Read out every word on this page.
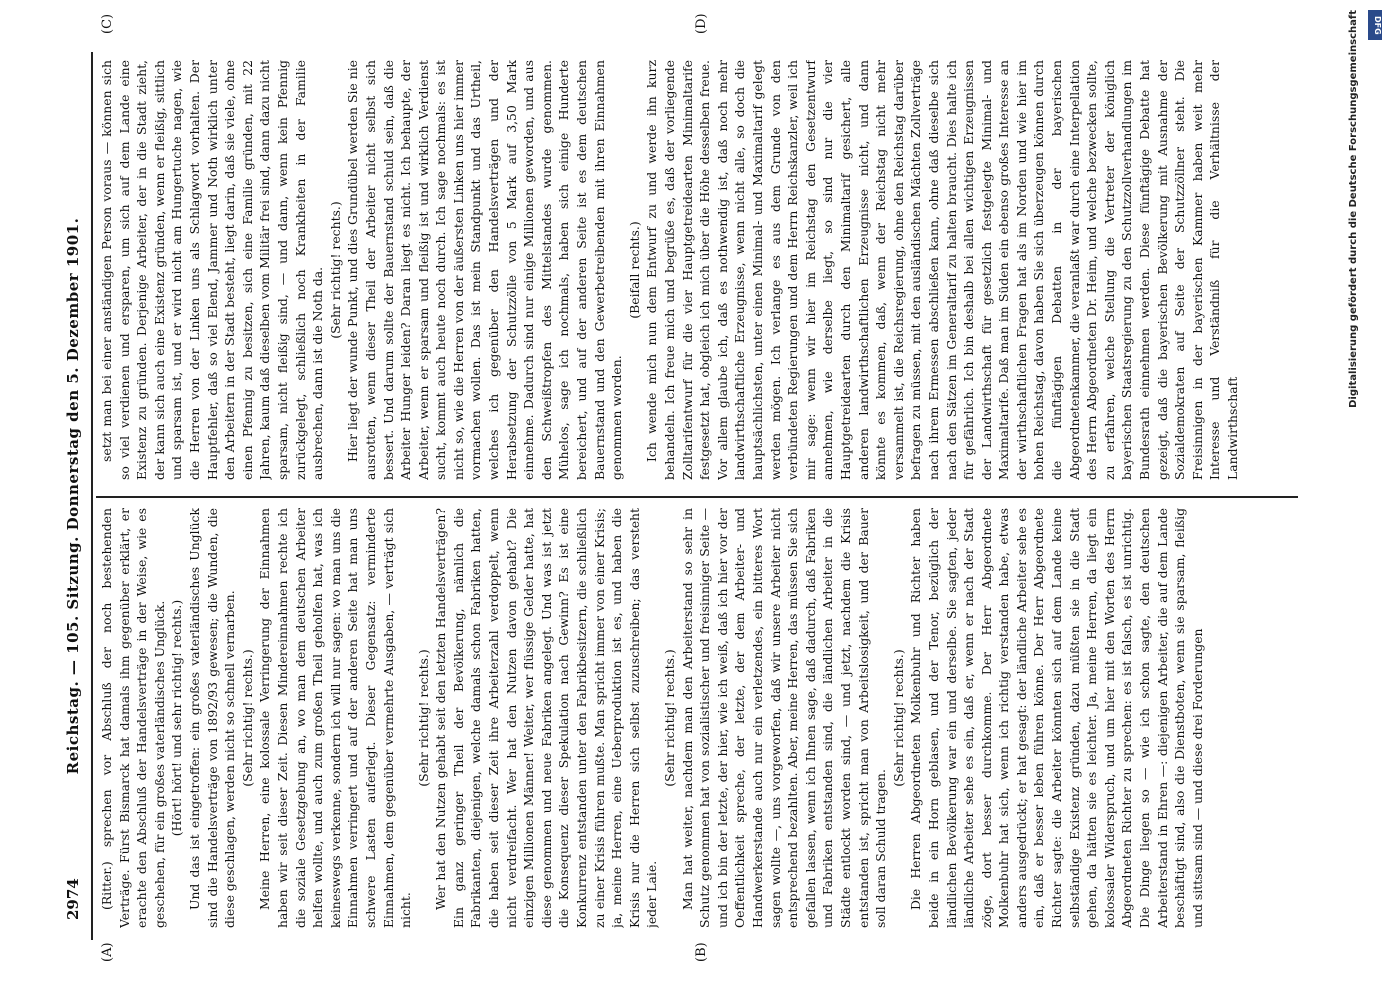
2974
Reichstag. — 105. Sitzung. Donnerstag den 5. Dezember 1901.
(A)	(B)
(C)	(D)

(Ritter.) sprechen vor Abschluß der noch bestehenden Verträge. Fürst Bismarck hat damals ihm gegenüber erklärt, er erachte den Abschluß der Handelsverträge in der Weise, wie es geschehen, für ein großes vaterländisches Unglück. (Hört! hört! und sehr richtig! rechts.) Und das ist eingetroffen: ein großes vaterländisches Unglück sind die Handelsverträge von 1892/93 gewesen; die Wunden, die diese geschlagen, werden nicht so schnell vernarben. (Sehr richtig! rechts.) Meine Herren, eine kolossale Verringerung der Einnahmen haben wir seit dieser Zeit. Diesen Mindereinnahmen rechte ich die soziale Gesetzgebung an, wo man dem deutschen Arbeiter helfen wollte, und auch zum großen Theil geholfen hat, was ich keineswegs verkenne, sondern ich will nur sagen: wo man uns die Einnahmen verringert und auf der anderen Seite hat man uns schwere Lasten auferlegt. Dieser Gegensatz: verminderte Einnahmen, dem gegenüber vermehrte Ausgaben, — verträgt sich nicht.

(Sehr richtig! rechts.) Wer hat den Nutzen gehabt seit den letzten Handelsverträgen? Ein ganz geringer Theil der Bevölkerung, nämlich die Fabrikanten, diejenigen, welche damals schon Fabriken hatten, die haben seit dieser Zeit ihre Arbeiterzahl verdoppelt, wenn nicht verdreifacht. Wer hat den Nutzen davon gehabt? Die einzigen Millionen Männer! Weiter, wer flüssige Gelder hatte, hat diese genommen und neue Fabriken angelegt. Und was ist jetzt die Konsequenz dieser Spekulation nach Gewinn? Es ist eine Konkurrenz entstanden unter den Fabrikbesitzern, die schließlich zu einer Krisis führen mußte. Man spricht immer von einer Krisis; ja, meine Herren, eine Ueberproduktion ist es, und haben die Krisis nur die Herren sich selbst zuzuschreiben; das versteht jeder Laie.

(Sehr richtig! rechts.) Man hat weiter, nachdem man den Arbeiterstand so sehr in Schutz genommen hat von sozialistischer und freisinniger Seite — und ich bin der letzte, der hier, wie ich weiß, daß ich hier vor der Oeffentlichkeit spreche, der letzte, der dem Arbeiter- und Handwerkerstande auch nur ein verletzendes, ein bitteres Wort sagen wollte —, uns vorgeworfen, daß wir unsere Arbeiter nicht entsprechend bezahlten. Aber, meine Herren, das müssen Sie sich gefallen lassen, wenn ich Ihnen sage, daß dadurch, daß Fabriken und Fabriken entstanden sind, die ländlichen Arbeiter in die Städte entlockt worden sind, — und jetzt, nachdem die Krisis entstanden ist, spricht man von Arbeitslosigkeit, und der Bauer soll daran Schuld tragen.

(Sehr richtig! rechts.) Die Herren Abgeordneten Molkenbuhr und Richter haben beide in ein Horn geblasen, und der Tenor, bezüglich der ländlichen Bevölkerung war ein und derselbe. Sie sagten, jeder ländliche Arbeiter sehe es ein, daß er, wenn er nach der Stadt zöge, dort besser durchkomme. Der Herr Abgeordnete Molkenbuhr hat sich, wenn ich richtig verstanden habe, etwas anders ausgedrückt; er hat gesagt: der ländliche Arbeiter sehe es ein, daß er besser leben führen könne. Der Herr Abgeordnete Richter sagte: die Arbeiter könnten sich auf dem Lande keine selbständige Existenz gründen, dazu müßten sie in die Stadt gehen, da hätten sie es leichter. Ja, meine Herren, da liegt ein kolossaler Widerspruch, und um hier mit den Worten des Herrn Abgeordneten Richter zu sprechen: es ist falsch, es ist unrichtig. Die Dinge liegen so — wie ich schon sagte, den deutschen Arbeiterstand in Ehren —: diejenigen Arbeiter, die auf dem Lande beschäftigt sind, also die Dienstboten, wenn sie sparsam, fleißig und sittsam sind — und diese drei Forderungen

setzt man bei einer anständigen Person voraus — können sich so viel verdienen und ersparen, um sich auf dem Lande eine Existenz zu gründen. Derjenige Arbeiter, der in die Stadt zieht, der kann sich auch eine Existenz gründen, wenn er fleißig, sittlich und sparsam ist, und er wird nicht am Hungertuche nagen, wie die Herren von der Linken uns als Schlagwort vorhalten. Der Hauptfehler, daß so viel Elend, Jammer und Noth wirklich unter den Arbeitern in der Stadt besteht, liegt darin, daß sie viele, ohne einen Pfennig zu besitzen, sich eine Familie gründen, mit 22 Jahren, kaum daß dieselben vom Militär frei sind, dann dazu nicht sparsam, nicht fleißig sind, — und dann, wenn kein Pfennig zurückgelegt, schließlich noch Krankheiten in der Familie ausbrechen, dann ist die Noth da. (Sehr richtig! rechts.) Hier liegt der wunde Punkt, und dies Grundübel werden Sie nie ausrotten, wenn dieser Theil der Arbeiter nicht selbst sich bessert. Und darum sollte der Bauernstand schuld sein, daß die Arbeiter Hunger leiden? Daran liegt es nicht. Ich behaupte, der Arbeiter, wenn er sparsam und fleißig ist und wirklich Verdienst sucht, kommt auch heute noch durch. Ich sage nochmals: es ist nicht so, wie die Herren von der äußersten Linken uns hier immer vormachen wollen. Das ist mein Standpunkt und das Urtheil, welches ich gegenüber den Handelsverträgen und der Herabsetzung der Schutzzölle von 5 Mark auf 3,50 Mark einnehme. Dadurch sind nur einige Millionen geworden, und aus den Schweißtropfen des Mittelstandes wurde genommen. Mühelos, sage ich nochmals, haben sich einige Hunderte bereichert, und auf der anderen Seite ist es dem deutschen Bauernstand und den Gewerbetreibenden mit ihren Einnahmen genommen worden.

(Beifall rechts.) Ich wende mich nun dem Entwurf zu und werde ihn kurz behandeln. Ich freue mich und begrüße es, daß der vorliegende Zolltarifentwurf für die vier Hauptgetreidearten Minimaltarife festgesetzt hat, obgleich ich mich über die Höhe desselben freue. Vor allem glaube ich, daß es nothwendig ist, daß noch mehr landwirthschaftliche Erzeugnisse, wenn nicht alle, so doch die hauptsächlichsten, unter einen Minimal- und Maximaltarif gelegt werden mögen. Ich verlange es aus dem Grunde von den verbündeten Regierungen und dem Herrn Reichskanzler, weil ich mir sage: wenn wir hier im Reichstag den Gesetzentwurf annehmen, wie derselbe liegt, so sind nur die vier Hauptgetreidearten durch den Minimaltarif gesichert, alle anderen landwirthschaftlichen Erzeugnisse nicht, und dann könnte es kommen, daß, wenn der Reichstag nicht mehr versammelt ist, die Reichsregierung, ohne den Reichstag darüber befragen zu müssen, mit den ausländischen Mächten Zollverträge nach ihrem Ermessen abschließen kann, ohne daß dieselbe sich nach den Sätzen im Generaltarif zu halten braucht. Dies halte ich für gefährlich. Ich bin deshalb bei allen wichtigen Erzeugnissen der Landwirthschaft für gesetzlich festgelegte Minimal- und Maximaltarife. Daß man im Süden ein ebenso großes Interesse an der wirthschaftlichen Fragen hat als im Norden und wie hier im hohen Reichstag, davon haben Sie sich überzeugen können durch die fünftägigen Debatten in der bayerischen Abgeordnetenkammer, die veranlaßt war durch eine Interpellation des Herrn Abgeordneten Dr. Heim, und welche bezwecken sollte, zu erfahren, welche Stellung die Vertreter der königlich bayerischen Staatsregierung zu den Schutzzollverhandlungen im Bundesrath einnehmen werden. Diese fünftägige Debatte hat gezeigt, daß die bayerischen Bevölkerung mit Ausnahme der Sozialdemokraten auf Seite der Schutzzöllner steht. Die Freisinnigen in der bayerischen Kammer haben weit mehr Interesse und Verständniß für die Verhältnisse der Landwirthschaft

Digitalisierung gefördert durch die Deutsche Forschungsgemeinschaft	DFG
